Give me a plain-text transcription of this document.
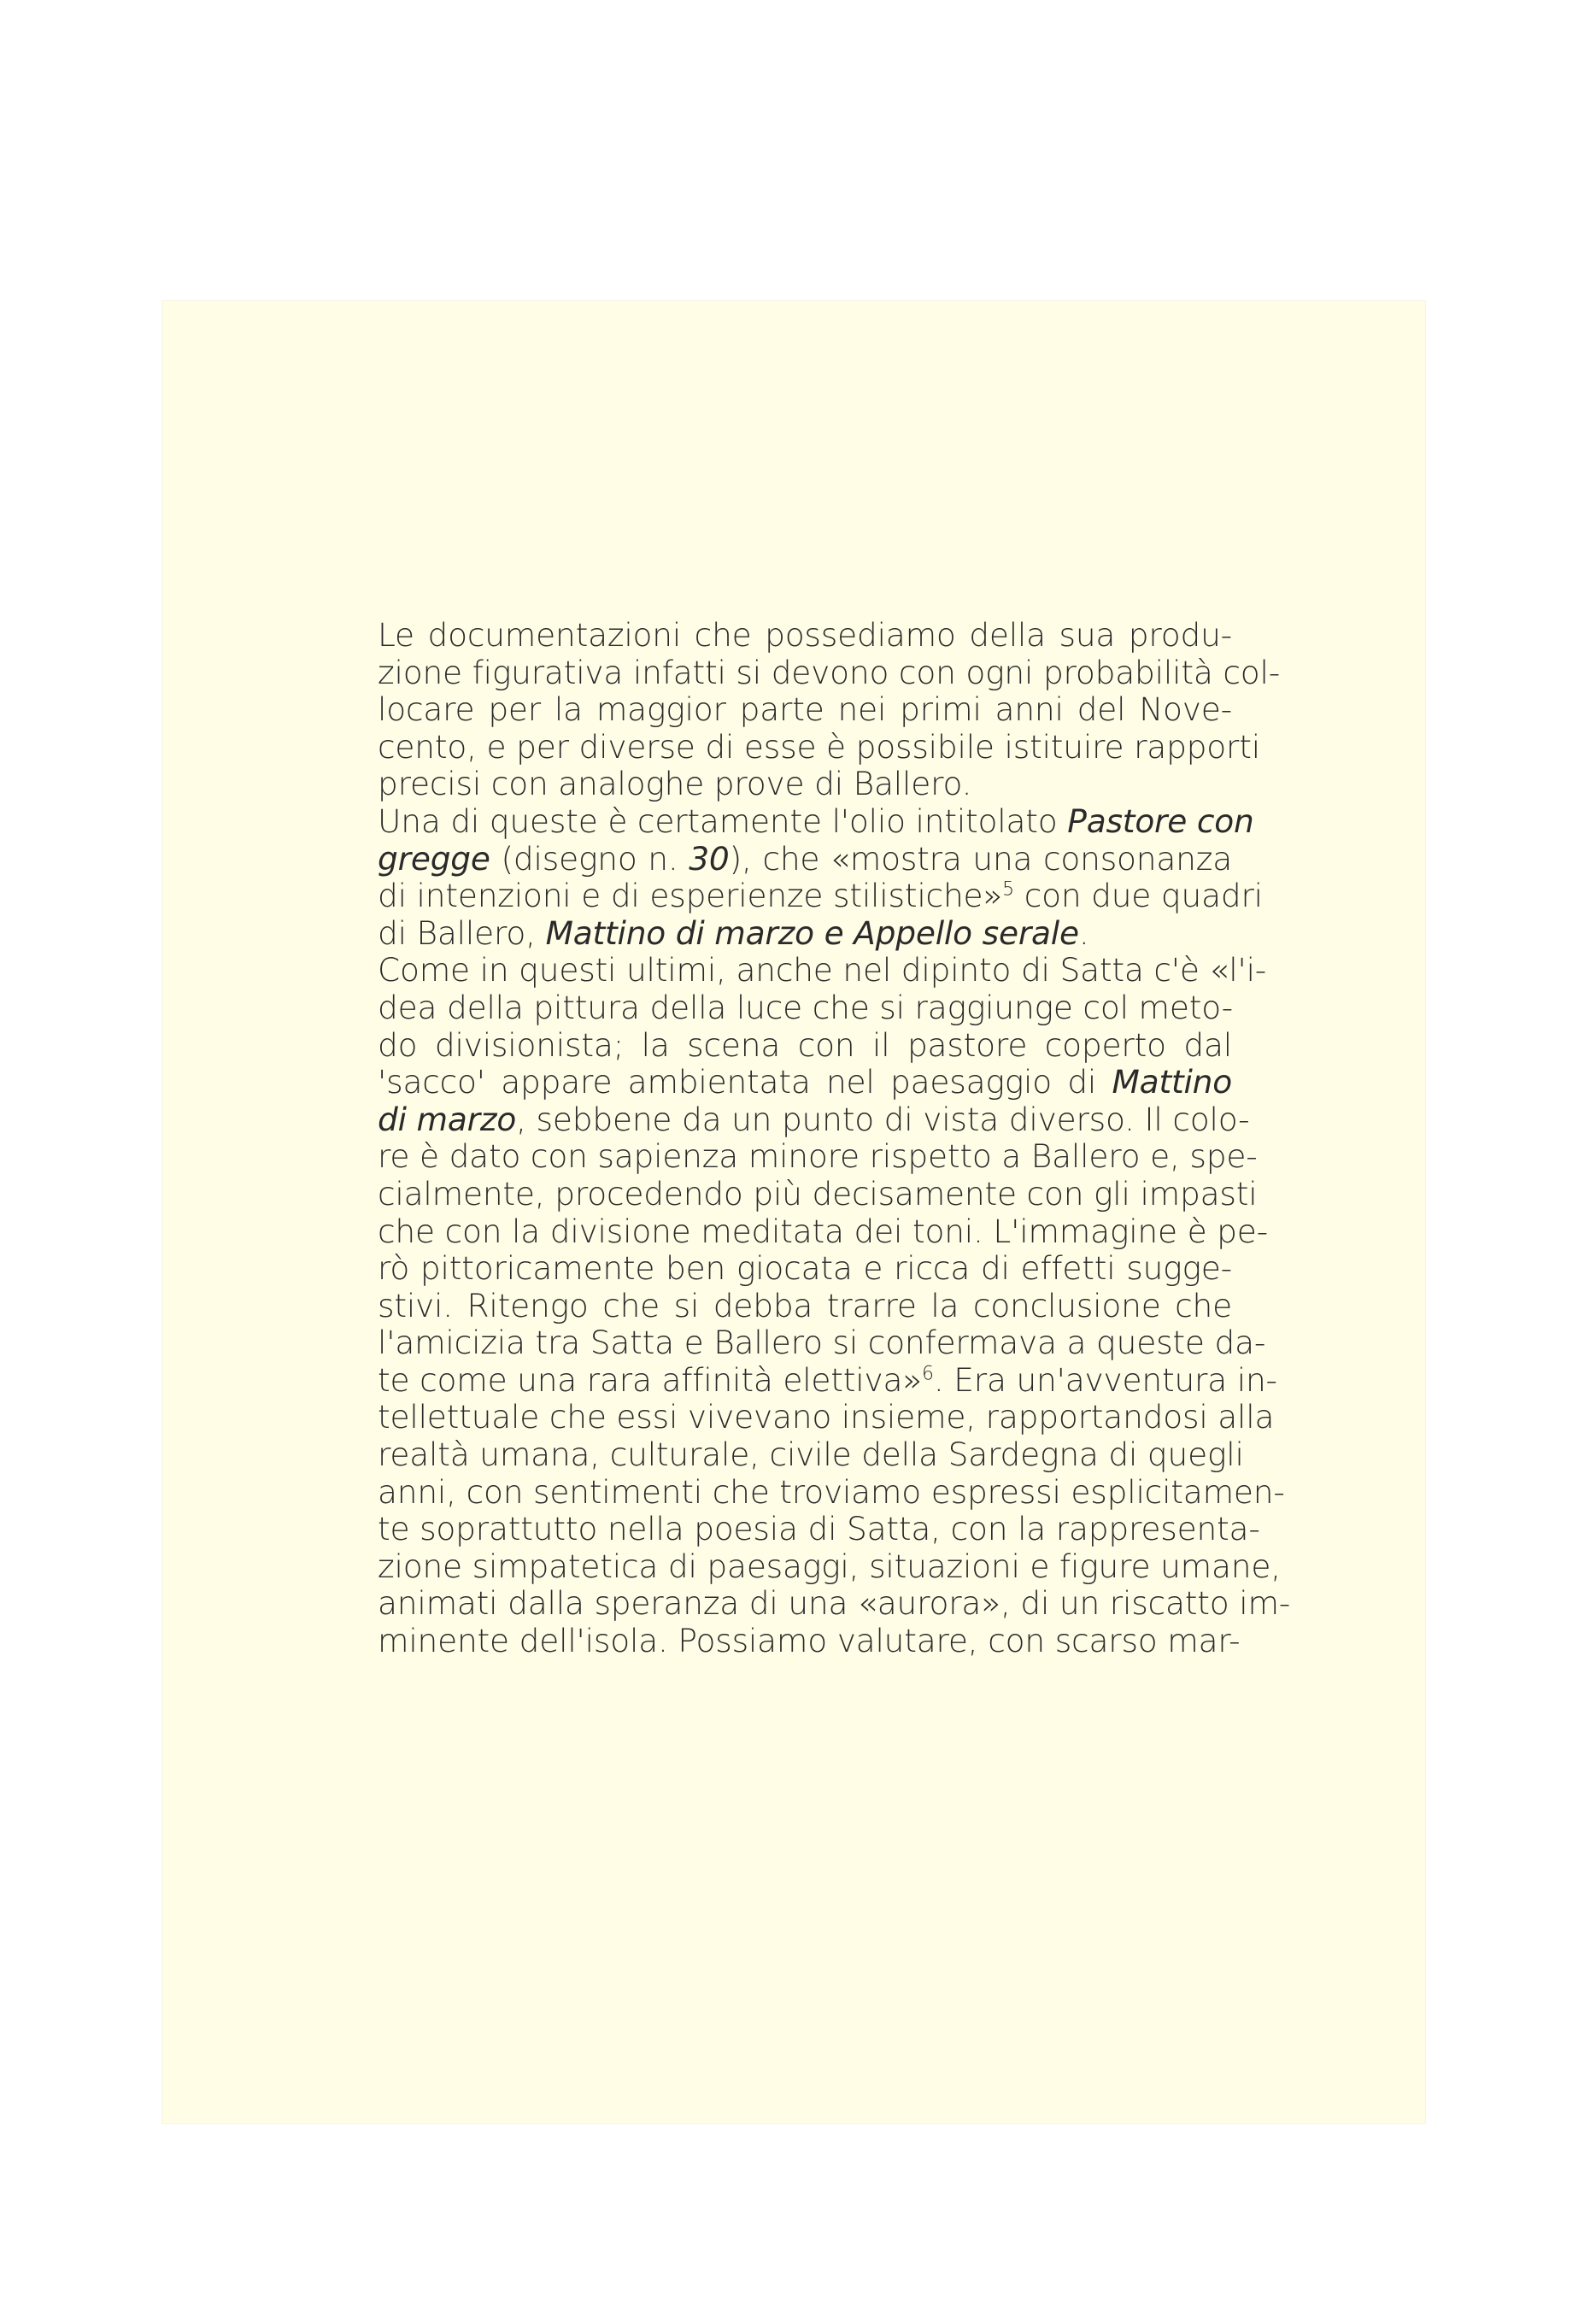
Le documentazioni che possediamo della sua produ-
zione figurativa infatti si devono con ogni probabilità col-
locare per la maggior parte nei primi anni del Nove-
cento, e per diverse di esse è possibile istituire rapporti
precisi con analoghe prove di Ballero.
Una di queste è certamente l'olio intitolato Pastore con
gregge (disegno n. 30), che «mostra una consonanza
di intenzioni e di esperienze stilistiche»$^5$ con due quadri
di Ballero, Mattino di marzo e Appello serale.
Come in questi ultimi, anche nel dipinto di Satta c'è «l'i-
dea della pittura della luce che si raggiunge col meto-
do divisionista; la scena con il pastore coperto dal
'sacco' appare ambientata nel paesaggio di Mattino
di marzo, sebbene da un punto di vista diverso. Il colo-
re è dato con sapienza minore rispetto a Ballero e, spe-
cialmente, procedendo più decisamente con gli impasti
che con la divisione meditata dei toni. L'immagine è pe-
rò pittoricamente ben giocata e ricca di effetti sugge-
stivi. Ritengo che si debba trarre la conclusione che
l'amicizia tra Satta e Ballero si confermava a queste da-
te come una rara affinità elettiva»$^6$. Era un'avventura in-
tellettuale che essi vivevano insieme, rapportandosi alla
realtà umana, culturale, civile della Sardegna di quegli
anni, con sentimenti che troviamo espressi esplicitamen-
te soprattutto nella poesia di Satta, con la rappresenta-
zione simpatetica di paesaggi, situazioni e figure umane,
animati dalla speranza di una «aurora», di un riscatto im-
minente dell'isola. Possiamo valutare, con scarso mar-
